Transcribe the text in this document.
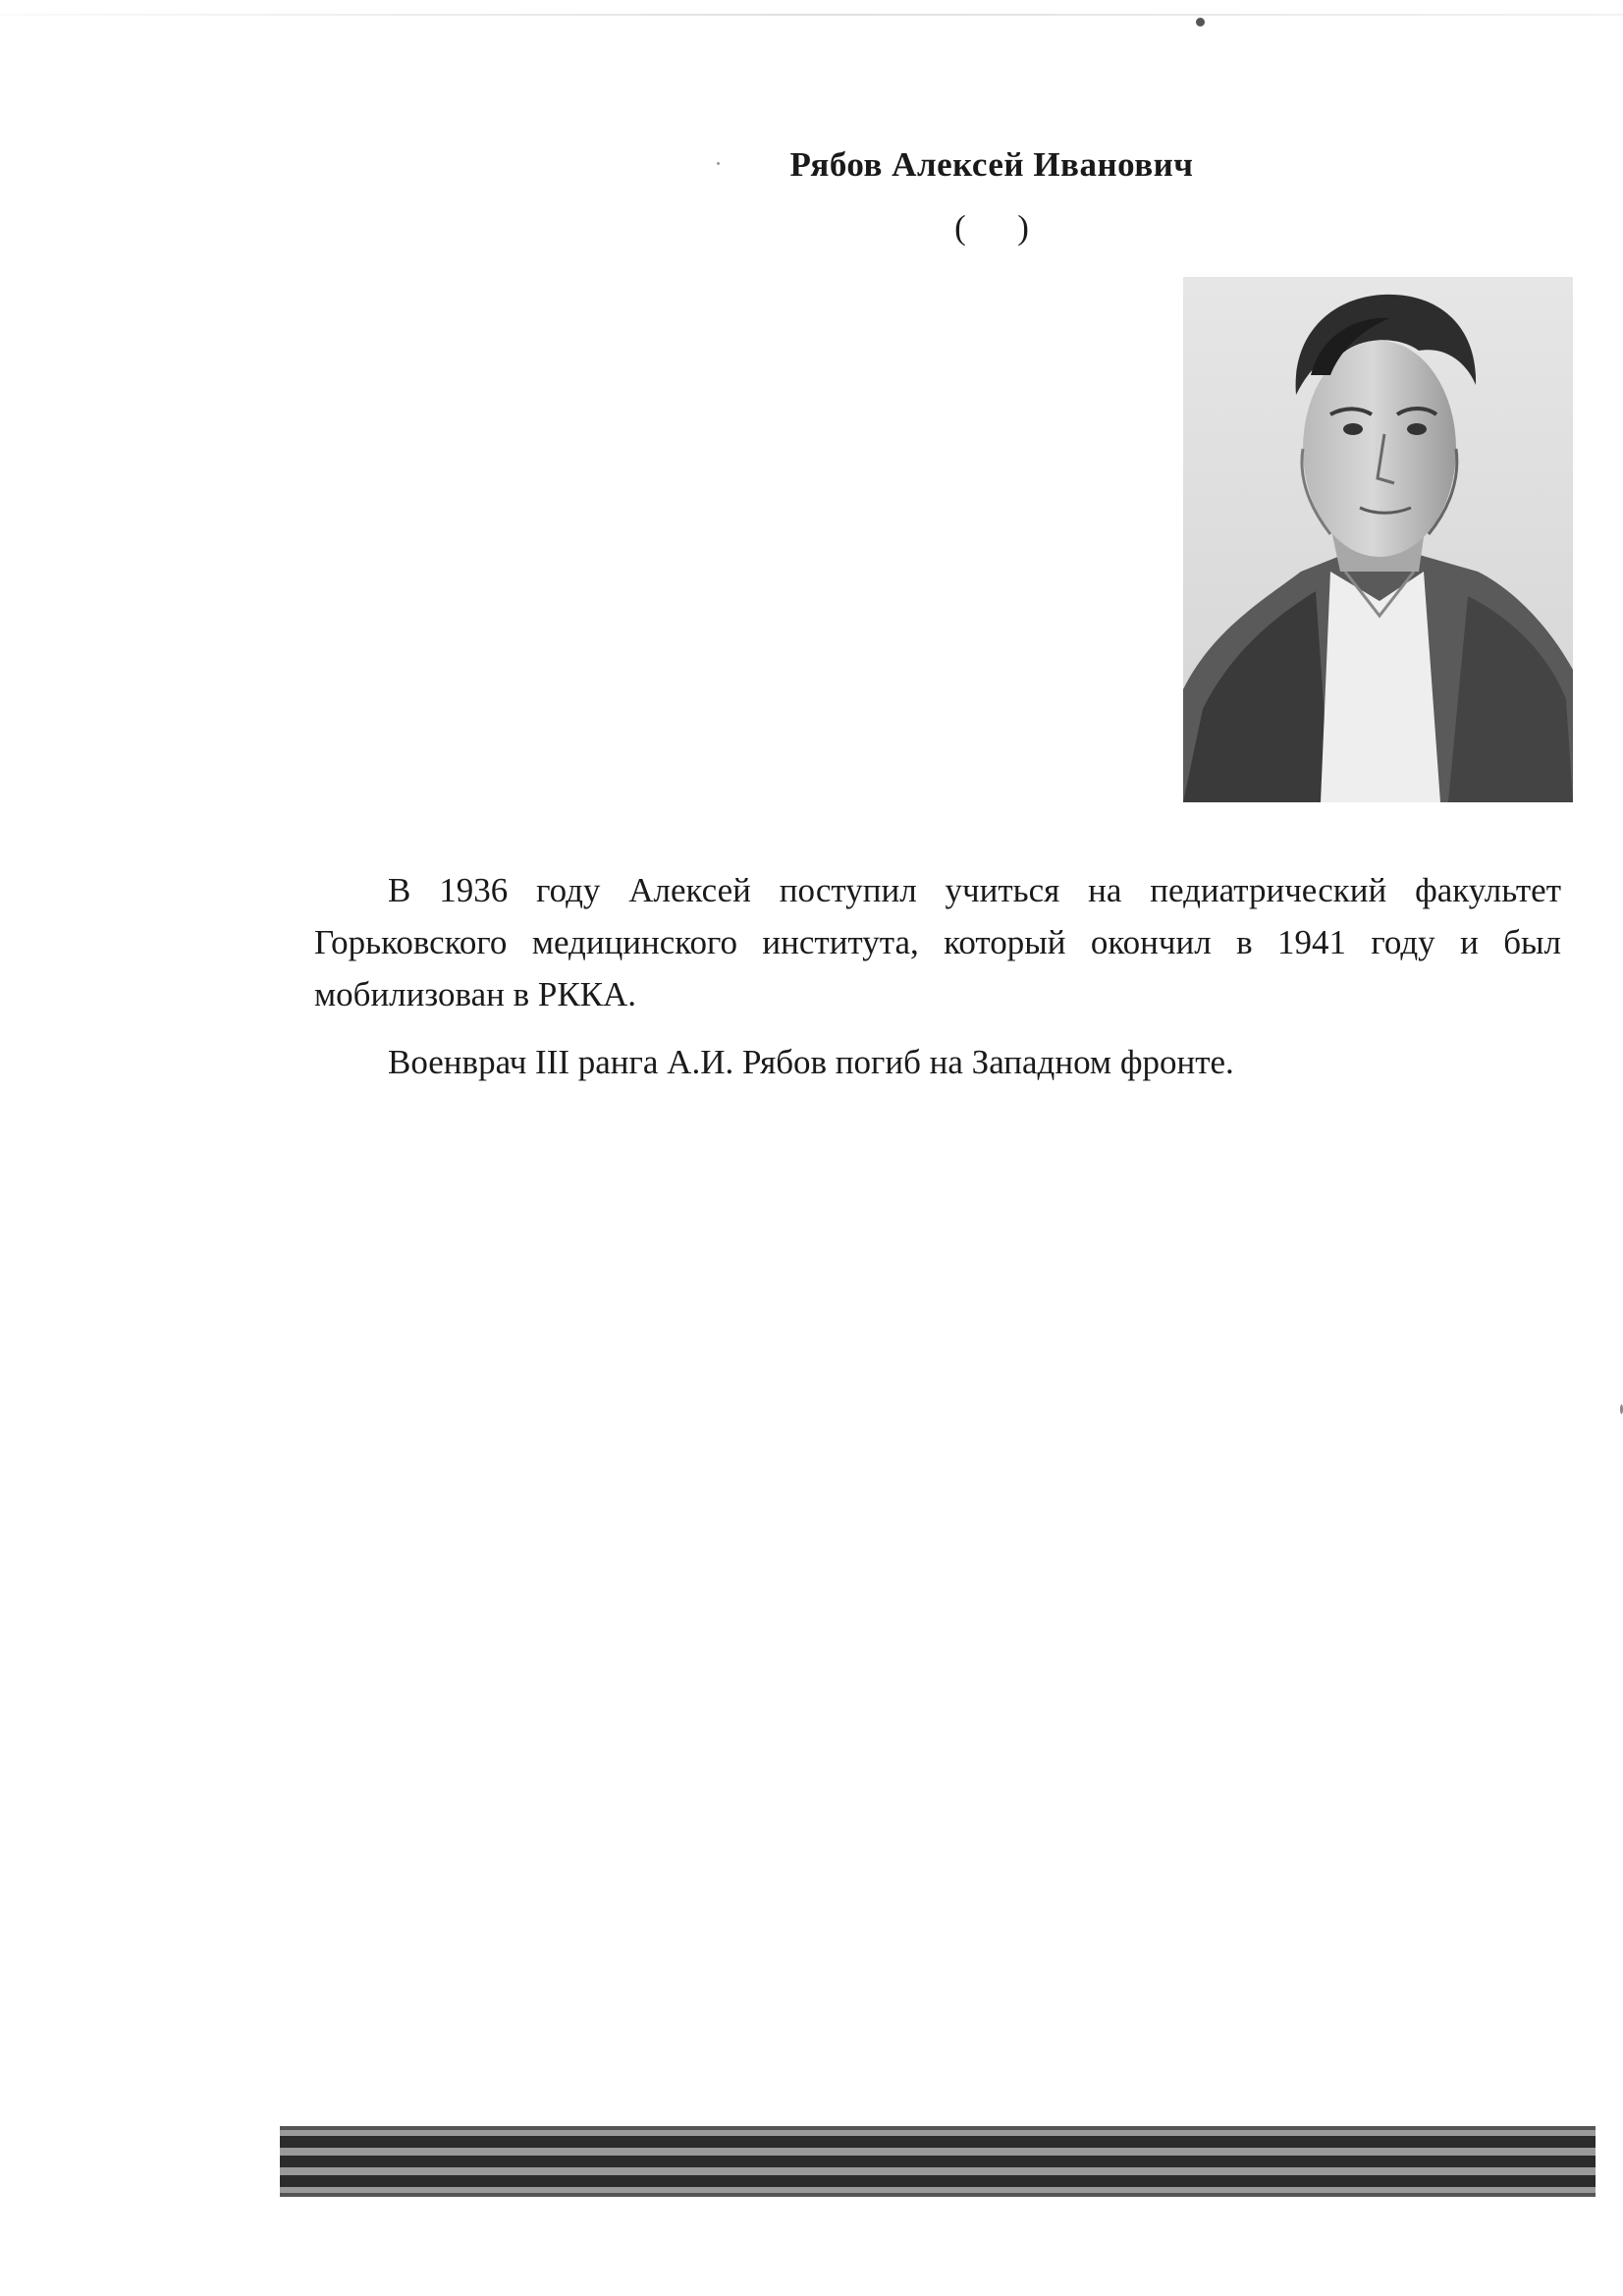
Рябов Алексей Иванович
(      )

В 1936 году Алексей поступил учиться на педиатрический факультет Горьковского медицинского института, который окончил в 1941 году и был мобилизован в РККА.

Военврач III ранга А.И. Рябов погиб на Западном фронте.
